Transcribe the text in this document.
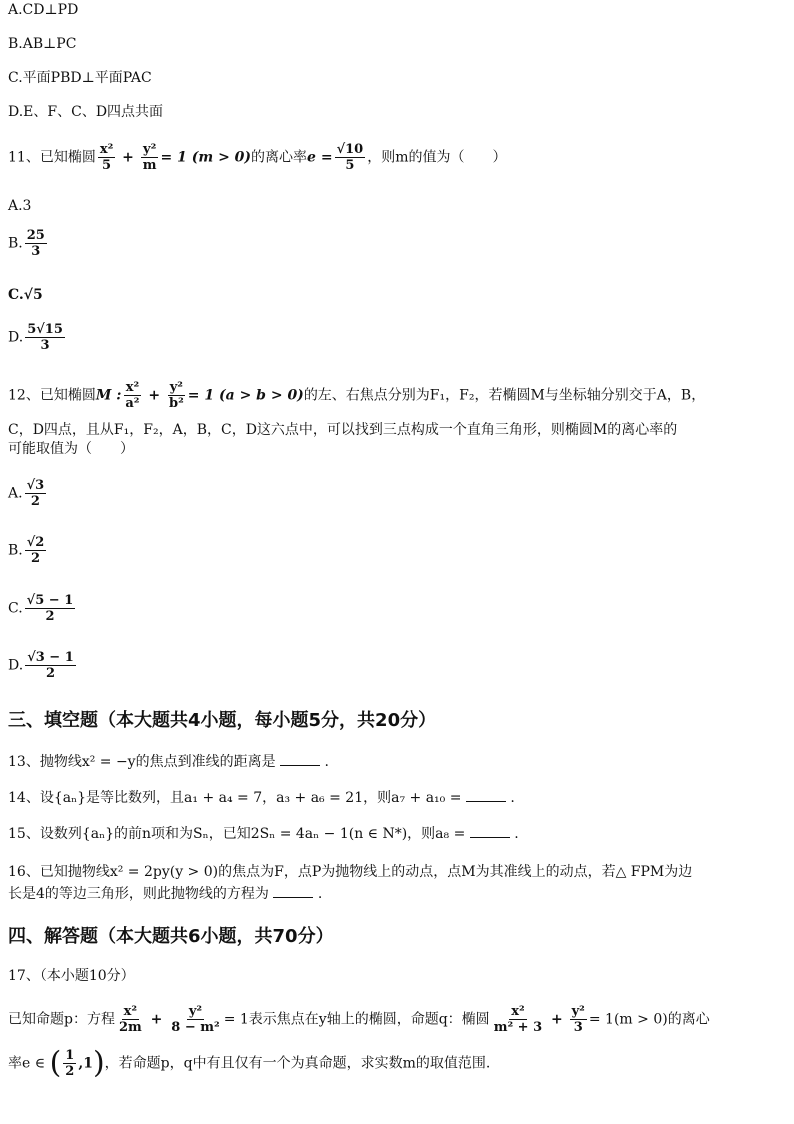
A.CD⊥PD
B.AB⊥PC
C.平面PBD⊥平面PAC
D.E、F、C、D四点共面
11、已知椭圆 $\frac{\text{x²}}{5} + \frac{\text{y²}}{m} = 1$ (m > 0)的离心率$e = \frac{√10}{5}$ ，则m的值为（　　）
A.3
B. $\frac{25}{3}$
C.√5
D. $\frac{5√15}{3}$
12、已知椭圆M : $\frac{\text{x²}}{\text{a²}} + \frac{\text{y²}}{\text{b²}} = 1$ (a > b > 0)的左、右焦点分别为F₁，F₂，若椭圆M与坐标轴分别交于A，B，
C，D四点，且从F₁，F₂，A，B，C，D这六点中，可以找到三点构成一个直角三角形，则椭圆M的离心率的
可能取值为（　　）
A. $\frac{√3}{2}$
B. $\frac{√2}{2}$
C. $\frac{√5 - 1}{2}$
D. $\frac{√3 - 1}{2}$
三、填空题（本大题共4小题，每小题5分，共20分）
13、抛物线x² = −y的焦点到准线的距离是	.
14、设{aₙ}是等比数列，且a₁ + a₄ = 7，a₃ + a₆ = 21，则a₇ + a₁₀ =	.
15、设数列{aₙ}的前n项和为Sₙ，已知2Sₙ = 4aₙ − 1(n ∈ N*)，则a₈ =	.
16、已知抛物线x² = 2py(y > 0)的焦点为F，点P为抛物线上的动点，点M为其准线上的动点，若△ FPM为边
长是4的等边三角形，则此抛物线的方程为	.
四、解答题（本大题共6小题，共70分）
17、（本小题10分）
已知命题p：方程 $\frac{\text{x²}}{2m} + \frac{\text{y²}}{\text{8 − m²}} = 1$表示焦点在y轴上的椭圆，命题q：椭圆 $\frac{\text{x²}}{\text{m² + 3}} + \frac{\text{y²}}{3} = 1(m > 0)$的离心
率e ∈ ( $\frac{1}{2} ,1$)，若命题p，q中有且仅有一个为真命题，求实数m的取值范围.
